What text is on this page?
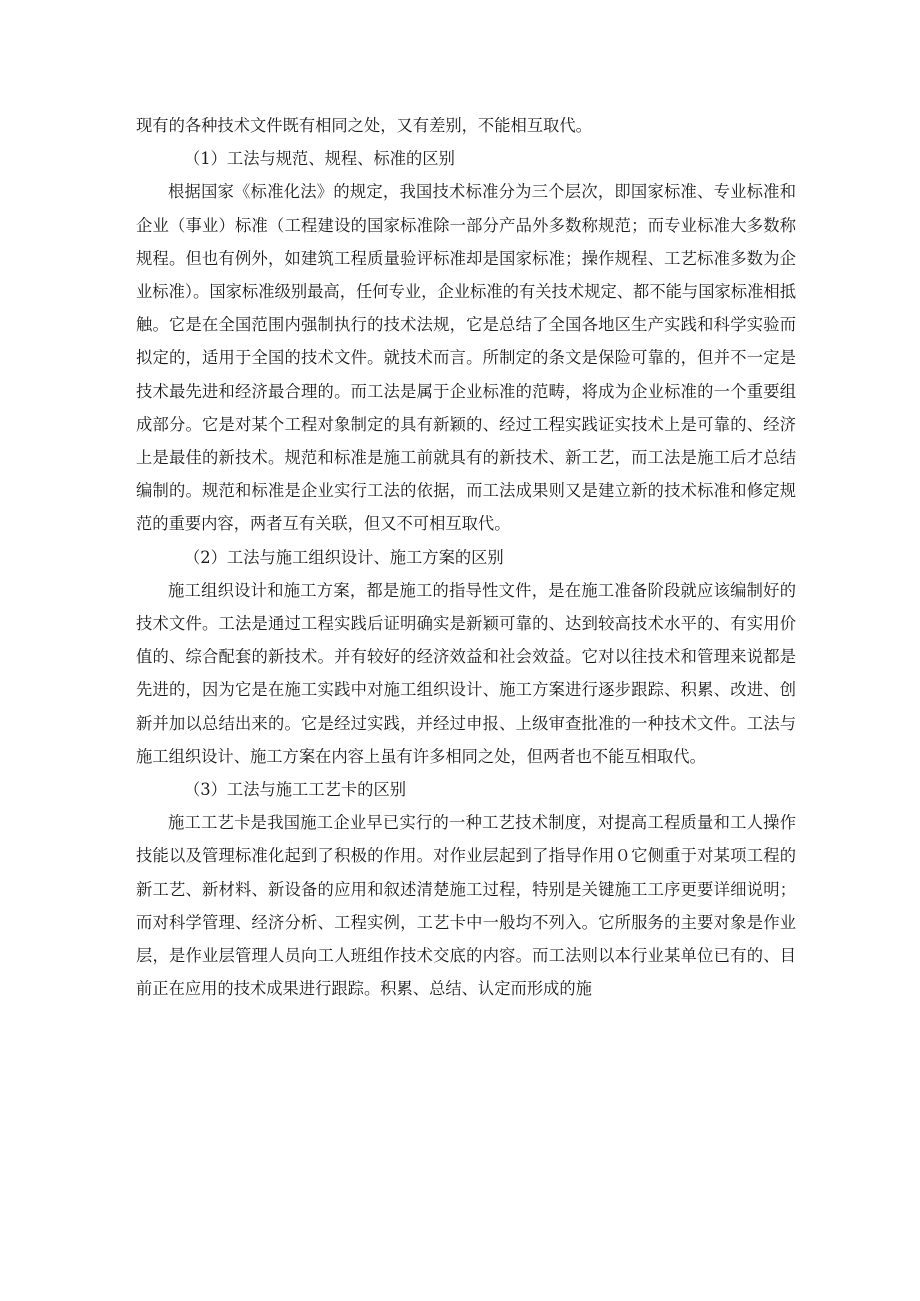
现有的各种技术文件既有相同之处，又有差别，不能相互取代。

（1）工法与规范、规程、标准的区别

根据国家《标准化法》的规定，我国技术标准分为三个层次，即国家标准、专业标准和企业（事业）标准（工程建设的国家标准除一部分产品外多数称规范；而专业标准大多数称规程。但也有例外，如建筑工程质量验评标准却是国家标准；操作规程、工艺标准多数为企业标准）。国家标准级别最高，任何专业，企业标准的有关技术规定、都不能与国家标准相抵触。它是在全国范围内强制执行的技术法规，它是总结了全国各地区生产实践和科学实验而拟定的，适用于全国的技术文件。就技术而言。所制定的条文是保险可靠的，但并不一定是技术最先进和经济最合理的。而工法是属于企业标准的范畴，将成为企业标准的一个重要组成部分。它是对某个工程对象制定的具有新颖的、经过工程实践证实技术上是可靠的、经济上是最佳的新技术。规范和标准是施工前就具有的新技术、新工艺，而工法是施工后才总结编制的。规范和标准是企业实行工法的依据，而工法成果则又是建立新的技术标准和修定规范的重要内容，两者互有关联，但又不可相互取代。

（2）工法与施工组织设计、施工方案的区别

施工组织设计和施工方案，都是施工的指导性文件，是在施工准备阶段就应该编制好的技术文件。工法是通过工程实践后证明确实是新颖可靠的、达到较高技术水平的、有实用价值的、综合配套的新技术。并有较好的经济效益和社会效益。它对以往技术和管理来说都是先进的，因为它是在施工实践中对施工组织设计、施工方案进行逐步跟踪、积累、改进、创新并加以总结出来的。它是经过实践，并经过申报、上级审查批准的一种技术文件。工法与施工组织设计、施工方案在内容上虽有许多相同之处，但两者也不能互相取代。

（3）工法与施工工艺卡的区别

施工工艺卡是我国施工企业早已实行的一种工艺技术制度，对提高工程质量和工人操作技能以及管理标准化起到了积极的作用。对作业层起到了指导作用０它侧重于对某项工程的新工艺、新材料、新设备的应用和叙述清楚施工过程，特别是关键施工工序更要详细说明；而对科学管理、经济分析、工程实例，工艺卡中一般均不列入。它所服务的主要对象是作业层，是作业层管理人员向工人班组作技术交底的内容。而工法则以本行业某单位已有的、目前正在应用的技术成果进行跟踪。积累、总结、认定而形成的施
